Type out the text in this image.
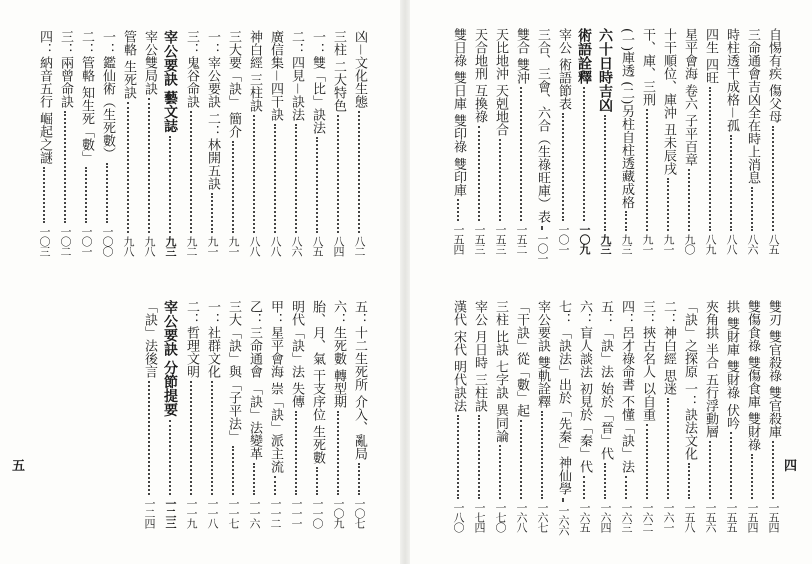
凶－文化生態
八二
三柱 二大特色
八四
一：雙「比」訣法
八五
二：四見－訣法
八六
廣信集－四干訣
八八
神白經 三柱訣
八八
三大要「訣」 簡介
九一
一：宰公要訣 二：林開五訣
九一
三：鬼谷命訣
九二
宰公要訣 藝文誌
九三
宰公雙局訣
九八
管輅 生死訣
九八
一：鑑仙術（生死數）
一〇〇
二：管輅 知生死「數」
一〇一
三：兩曾命訣
一〇二
四：納音五行 崛起之謎
一〇三
五：十二生死所 介入、亂局
一〇七
六：生死數 轉型期
一〇九
胎、月、氣 干支序位 生死數
一一〇
明代「訣」法 失傳
一一一
甲：星平會海 崇「訣」派主流
一一二
乙：三命通會 「訣」法變革
一一六
三大「訣」與「子平法」
一一七
一：社群文化
一一八
二：哲理文明
一一九
宰公要訣 分節提要
一二三
「訣」法後言
一二四
五
自惕有疾 傷父母
八五
三命通會吉凶全在時上消息
八六
時柱透干成格－孤
八八
四生 四旺
八九
星平會海 卷六 子平百章
九〇
十干順位、庫沖 丑未辰戌
九一
干、庫、三刑
九一
(一)庫透 (二)另柱自柱透藏成格
九三
六十日時吉凶
九三
術語詮釋
一〇九
宰公 術語節表
一〇一
三合、三會、六合（生祿旺庫）表
一〇一
雙合 雙沖
一五二
天比地沖 天剋地合
一五三
天合地刑 互換祿
一五三
雙日祿 雙日庫 雙印祿 雙印庫
一五四
雙刃 雙官殺祿 雙官殺庫
一五四
雙傷食祿 雙傷食庫 雙財祿
一五四
拱 雙財庫 雙財祿 伏吟
一五五
夾角拱 半合 五行浮動層
一五六
「訣」之探原 一：訣法文化
一五八
二：神白經 思迷
一六一
三：挾古名人 以自重
一六二
四：呂才祿命書 不懂「訣」法
一六三
五：「訣」法 始於「晉」代
一六四
六：盲人談法 初見於「秦」代
一六五
七：「訣法」出於「先秦」神仙學
一六六
宰公要訣 雙軌詮釋
一六七
「干訣」從「數」起
一六八
三柱 比訣 七字訣 異同論
一七〇
宰公 月日時 三柱訣
一七四
漢代 宋代 明代訣法
一八〇
四
